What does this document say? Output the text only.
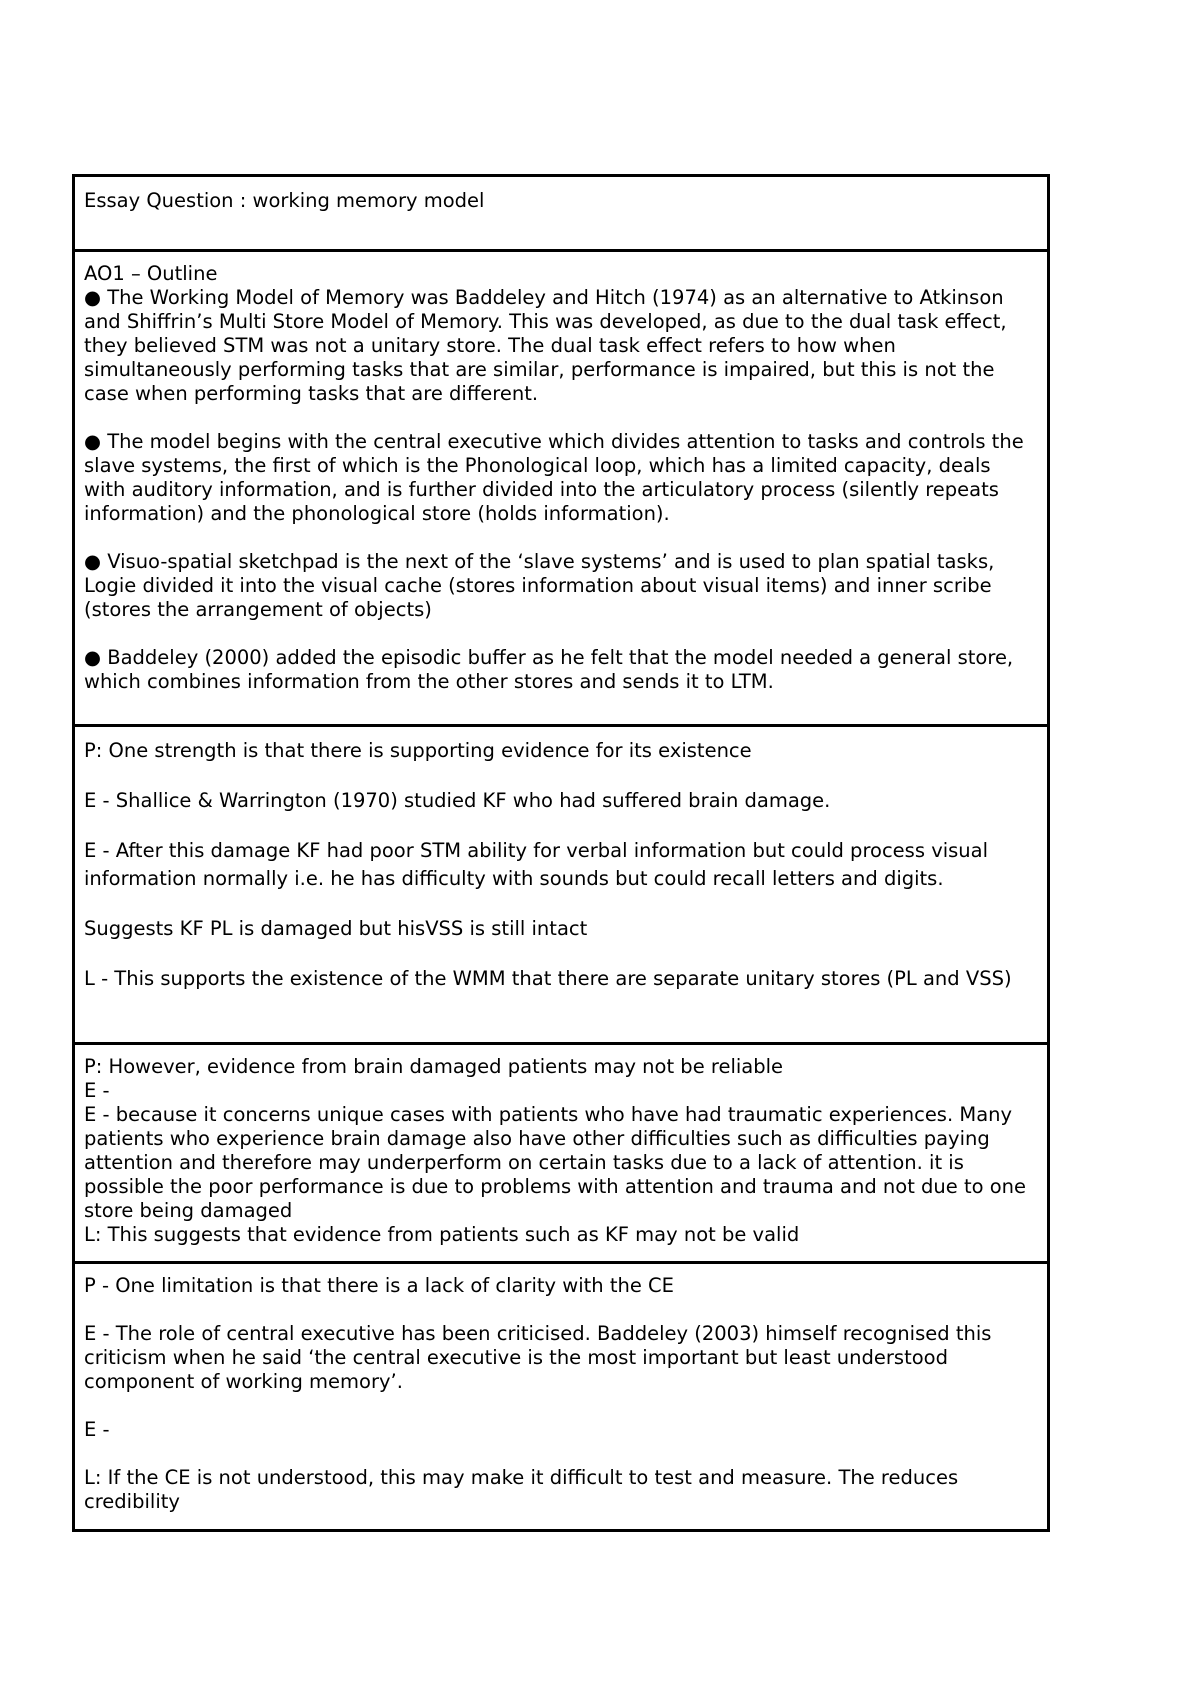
Essay Question : working memory model
AO1 – Outline
● The Working Model of Memory was Baddeley and Hitch (1974) as an alternative to Atkinson and Shiffrin’s Multi Store Model of Memory. This was developed, as due to the dual task effect, they believed STM was not a unitary store. The dual task effect refers to how when simultaneously performing tasks that are similar, performance is impaired, but this is not the case when performing tasks that are different.
● The model begins with the central executive which divides attention to tasks and controls the slave systems, the first of which is the Phonological loop, which has a limited capacity, deals with auditory information, and is further divided into the articulatory process (silently repeats information) and the phonological store (holds information).
● Visuo-spatial sketchpad is the next of the ‘slave systems’ and is used to plan spatial tasks, Logie divided it into the visual cache (stores information about visual items) and inner scribe (stores the arrangement of objects)
● Baddeley (2000) added the episodic buffer as he felt that the model needed a general store, which combines information from the other stores and sends it to LTM.
P: One strength is that there is supporting evidence for its existence
E - Shallice & Warrington (1970) studied KF who had suffered brain damage.
E - After this damage KF had poor STM ability for verbal information but could process visual information normally i.e. he has difficulty with sounds but could recall letters and digits.
Suggests KF PL is damaged but hisVSS is still intact
L - This supports the existence of the WMM that there are separate unitary stores (PL and VSS)
P: However, evidence from brain damaged patients may not be reliable
E -
E - because it concerns unique cases with patients who have had traumatic experiences. Many patients who experience brain damage also have other difficulties such as difficulties paying attention and therefore may underperform on certain tasks due to a lack of attention. it is possible the poor performance is due to problems with attention and trauma and not due to one store being damaged
L: This suggests that evidence from patients such as KF may not be valid
P - One limitation is that there is a lack of clarity with the CE
E - The role of central executive has been criticised. Baddeley (2003) himself recognised this criticism when he said ‘the central executive is the most important but least understood component of working memory’.
E -
L: If the CE is not understood, this may make it difficult to test and measure. The reduces credibility
